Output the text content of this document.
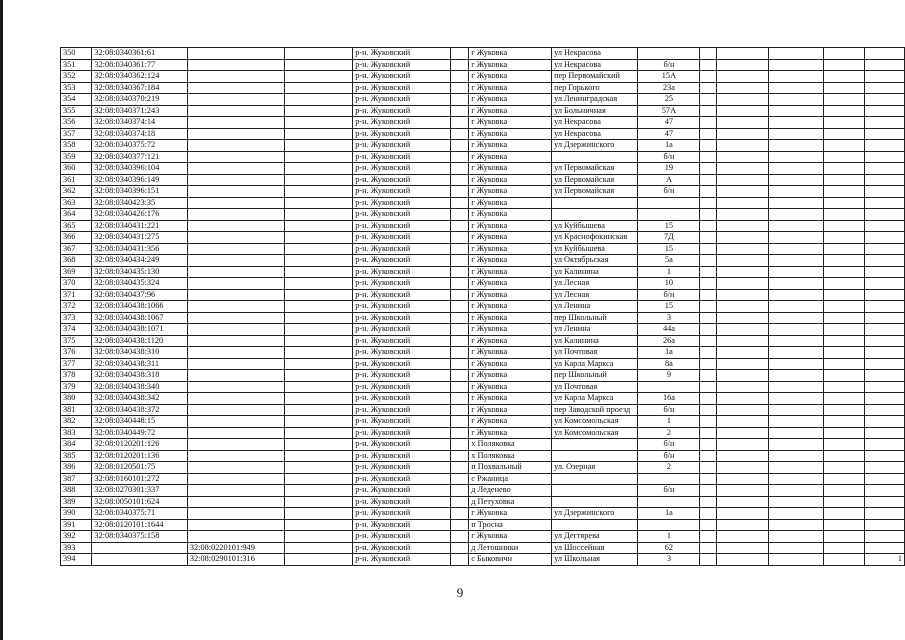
350	32:08:0340361:61			р-н. Жуковский		г Жуковка	ул Некрасова						
351	32:08:0340361:77			р-н. Жуковский		г Жуковка	ул Некрасова	б/н					
352	32:08:0340362:124			р-н. Жуковский		г Жуковка	пер Первомайский	15А					
353	32:08:0340367:184			р-н. Жуковский		г Жуковка	пер Горького	23а					
354	32:08:0340370:219			р-н. Жуковский		г Жуковка	ул Ленинградская	25					
355	32:08:0340371:243			р-н. Жуковский		г Жуковка	ул Больничная	57А					
356	32:08:0340374:14			р-н. Жуковский		г Жуковка	ул Некрасова	47					
357	32:08:0340374:18			р-н. Жуковский		г Жуковка	ул Некрасова	47					
358	32:08:0340375:72			р-н. Жуковский		г Жуковка	ул Дзержинского	1а					
359	32:08:0340377:121			р-н. Жуковский		г Жуковка		б/н					
360	32:08:0340396:104			р-н. Жуковский		г Жуковка	ул Первомайская	19					
361	32:08:0340396:149			р-н. Жуковский		г Жуковка	ул Первомайская	А					
362	32:08:0340396:151			р-н. Жуковский		г Жуковка	ул Первомайская	б/н					
363	32:08:0340423:35			р-н. Жуковский		г Жуковка							
364	32:08:0340426:176			р-н. Жуковский		г Жуковка							
365	32:08:0340431:221			р-н. Жуковский		г Жуковка	ул Куйбышева	15					
366	32:08:0340431:275			р-н. Жуковский		г Жуковка	ул Краснофокинская	7Д					
367	32:08:0340431:356			р-н. Жуковский		г Жуковка	ул Куйбышева	15					
368	32:08:0340434:249			р-н. Жуковский		г Жуковка	ул Октябрьская	5а					
369	32:08:0340435:130			р-н. Жуковский		г Жуковка	ул Калинина	1					
370	32:08:0340435:324			р-н. Жуковский		г Жуковка	ул Лесная	10					
371	32:08:0340437:96			р-н. Жуковский		г Жуковка	ул Лесная	б/н					
372	32:08:0340438:1066			р-н. Жуковский		г Жуковка	ул Ленина	15					
373	32:08:0340438:1067			р-н. Жуковский		г Жуковка	пер Школьный	3					
374	32:08:0340438:1071			р-н. Жуковский		г Жуковка	ул Ленина	44а					
375	32:08:0340438:1120			р-н. Жуковский		г Жуковка	ул Калинина	26а					
376	32:08:0340438:310			р-н. Жуковский		г Жуковка	ул Почтовая	1а					
377	32:08:0340438:311			р-н. Жуковский		г Жуковка	ул Карла Маркса	8а					
378	32:08:0340438:318			р-н. Жуковский		г Жуковка	пер Школьный	9					
379	32:08:0340438:340			р-н. Жуковский		г Жуковка	ул Почтовая						
380	32:08:0340438:342			р-н. Жуковский		г Жуковка	ул Карла Маркса	16а					
381	32:08:0340438:372			р-н. Жуковский		г Жуковка	пер Заводской проезд	б/н					
382	32:08:0340448:15			р-н. Жуковский		г Жуковка	ул Комсомольская	1					
383	32:08:0340449:72			р-н. Жуковский		г Жуковка	ул Комсомольская	2					
384	32:08:0120201:126			р-н. Жуковский		х Поляковка		б/н					
385	32:08:0120201:136			р-н. Жуковский		х Поляковка		б/н					
386	32:08:0120501:75			р-н. Жуковский		п Похвальный	ул. Озерная	2					
387	32:08:0160101:272			р-н. Жуковский		с Ржаница							
388	32:08:0270301:337			р-н. Жуковский		д Леденево		б/н					
389	32:08:0050101:624			р-н. Жуковский		д Петуховка							
390	32:08:0340375:71			р-н. Жуковский		г Жуковка	ул Дзержинского	1а					
391	32:08:0120101:1644			р-н. Жуковский		п Тросна							
392	32:08:0340375:158			р-н. Жуковский		г Жуковка	ул Дегтярева	1					
393		32:08:0220101:949		р-н. Жуковский		д Летошники	ул Шоссейная	62					
394		32:08:0290101:316		р-н. Жуковский		с Быковичи	ул Школьная	3					1
9
